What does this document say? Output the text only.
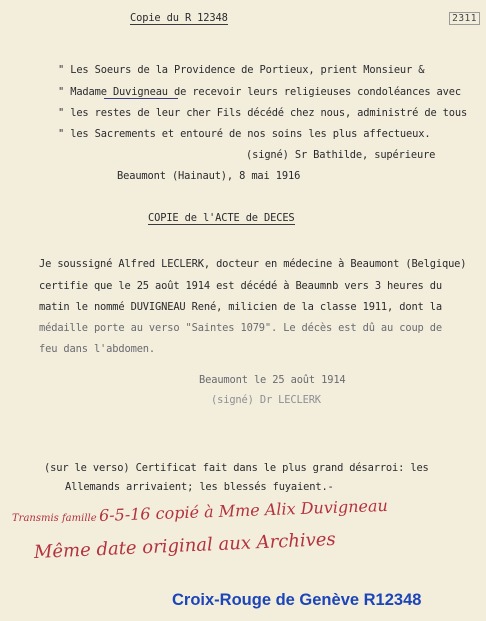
2311
Copie du R 12348
" Les Soeurs de la Providence de Portieux, prient Monsieur &
" Madame Duvigneau de recevoir leurs religieuses condoléances avec
" les restes de leur cher Fils décédé chez nous, administré de tous
" les Sacrements et entouré de nos soins les plus affectueux.
(signé) Sr Bathilde, supérieure
Beaumont (Hainaut), 8 mai 1916
COPIE de l'ACTE de DECES
Je soussigné Alfred LECLERK, docteur en médecine à Beaumont (Belgique)
certifie que le 25 août 1914 est décédé à Beaumnb vers 3 heures du
matin le nommé DUVIGNEAU René, milicien de la classe 1911, dont la
médaille porte au verso "Saintes 1079". Le décès est dû au coup de
feu dans l'abdomen.
Beaumont le 25 août 1914
(signé) Dr LECLERK
(sur le verso) Certificat fait dans le plus grand désarroi: les
Allemands arrivaient; les blessés fuyaient.-
Transmis famille 6-5-16 copié à Mme Alix Duvigneau
Même date original aux Archives
Croix-Rouge de Genève R12348
